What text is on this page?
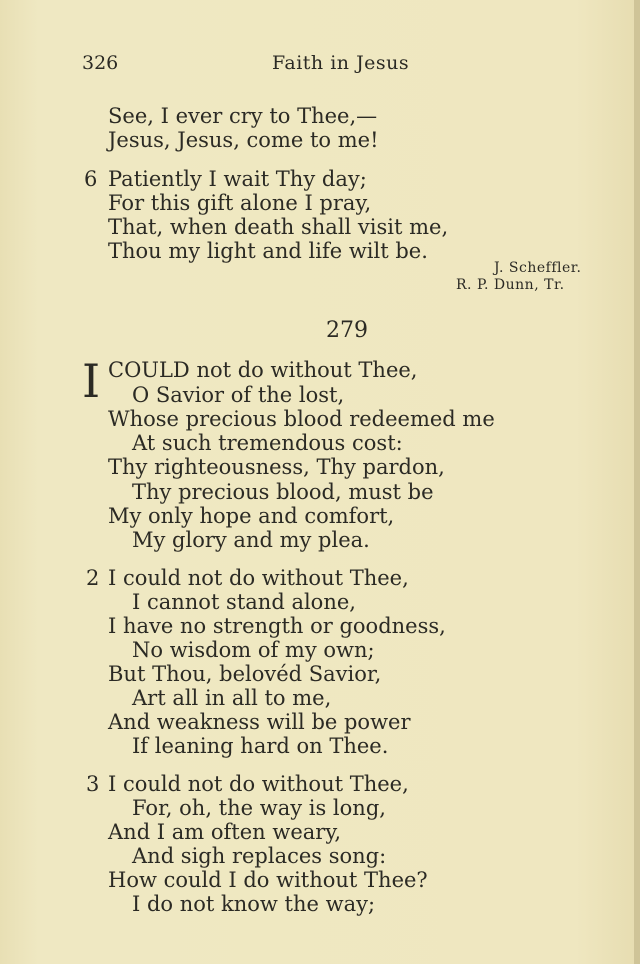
326	Faith in Jesus
See, I ever cry to Thee,—
Jesus, Jesus, come to me!
6 Patiently I wait Thy day;
For this gift alone I pray,
That, when death shall visit me,
Thou my light and life wilt be.
J. Scheffler.
R. P. Dunn, Tr.
279
I COULD not do without Thee,
O Savior of the lost,
Whose precious blood redeemed me
At such tremendous cost:
Thy righteousness, Thy pardon,
Thy precious blood, must be
My only hope and comfort,
My glory and my plea.
2 I could not do without Thee,
I cannot stand alone,
I have no strength or goodness,
No wisdom of my own;
But Thou, belovéd Savior,
Art all in all to me,
And weakness will be power
If leaning hard on Thee.
3 I could not do without Thee,
For, oh, the way is long,
And I am often weary,
And sigh replaces song:
How could I do without Thee?
I do not know the way;
